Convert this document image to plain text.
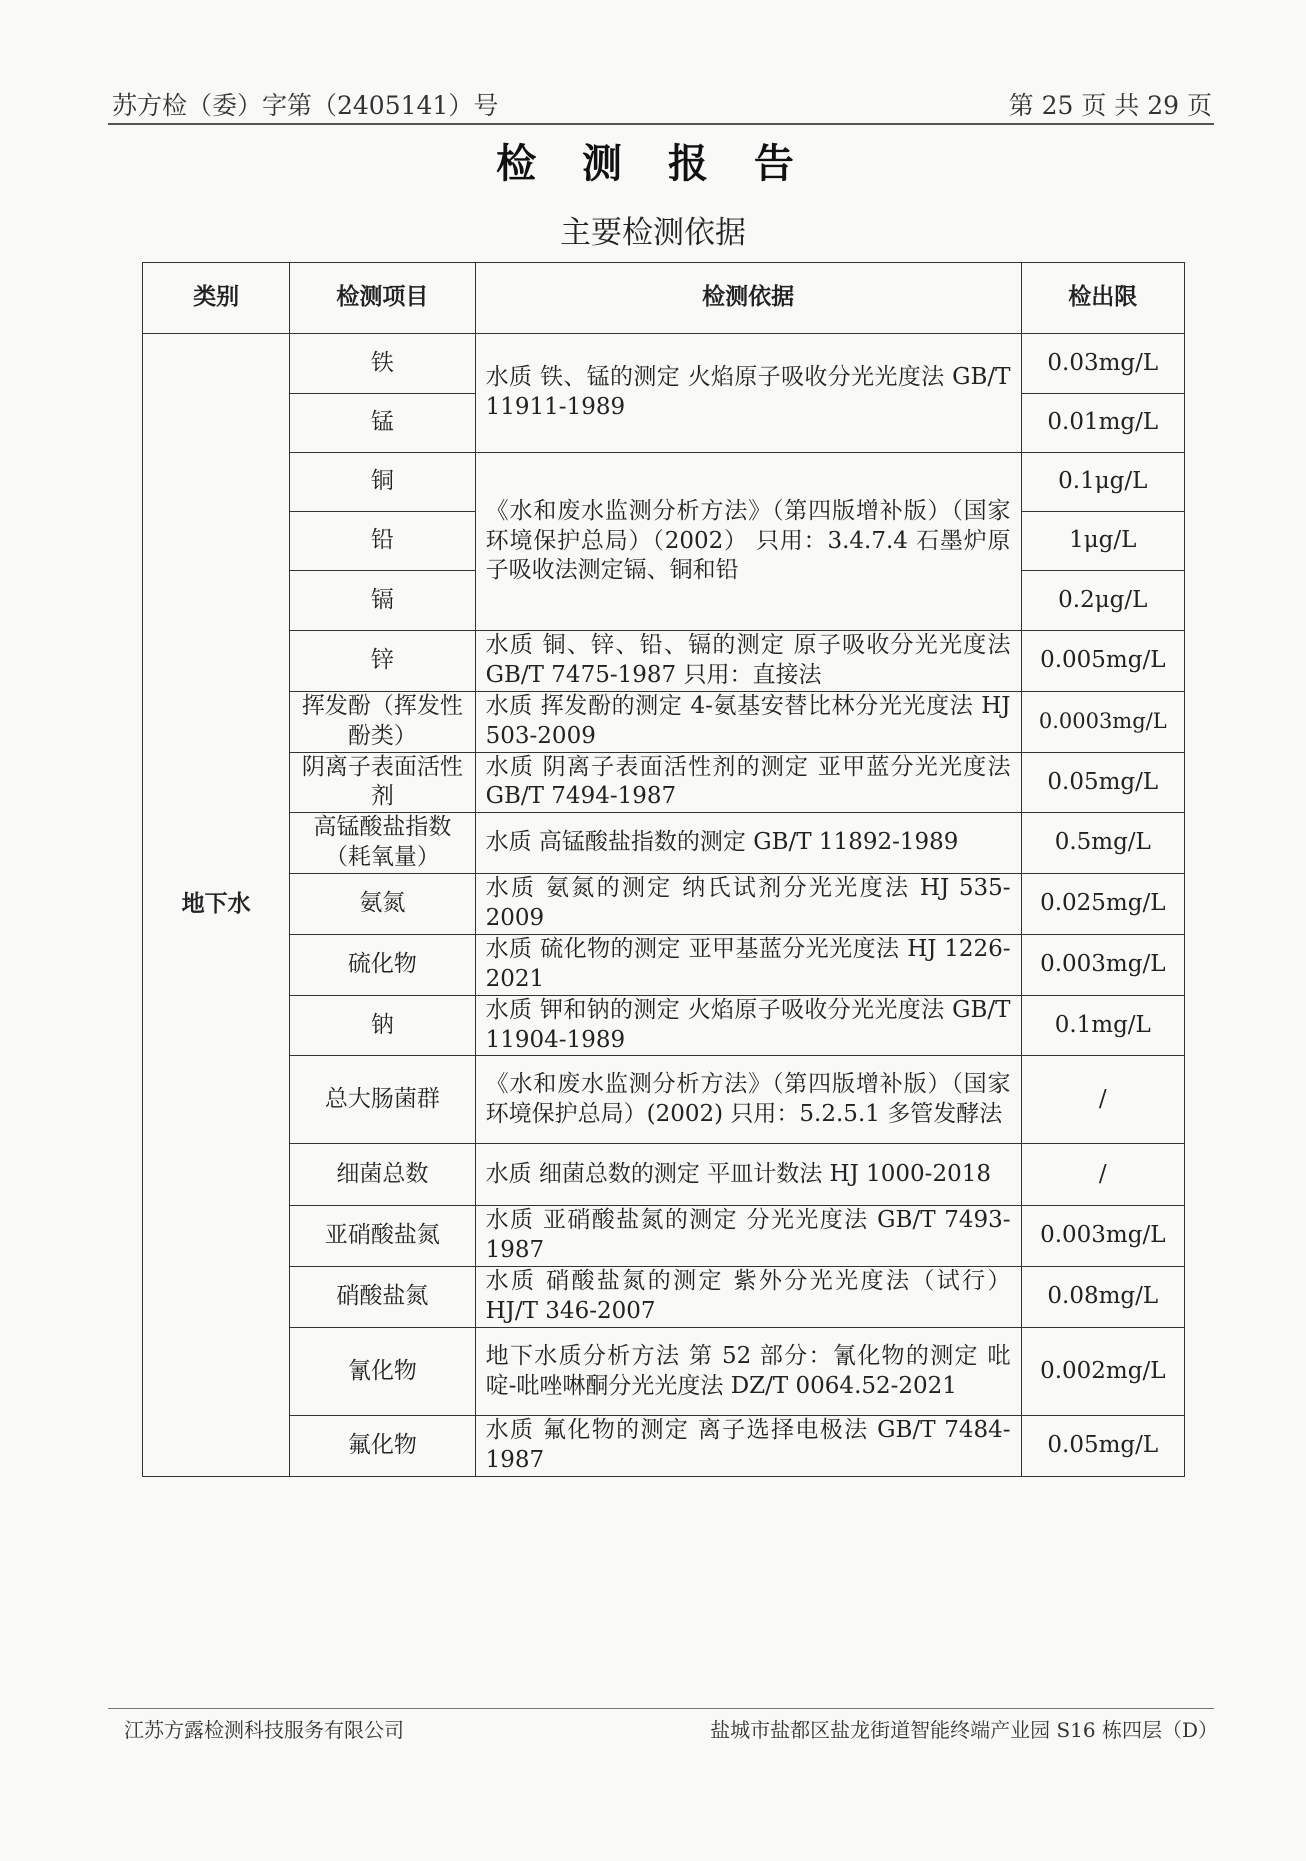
苏方检（委）字第（2405141）号	第 25 页 共 29 页
检 测 报 告
主要检测依据
类别	检测项目	检测依据	检出限
地下水	铁	水质 铁、锰的测定 火焰原子吸收分光光度法 GB/T 11911-1989	0.03mg/L
	锰		0.01mg/L
	铜	《水和废水监测分析方法》（第四版增补版）（国家环境保护总局）（2002） 只用：3.4.7.4 石墨炉原子吸收法测定镉、铜和铅	0.1μg/L
	铅		1μg/L
	镉		0.2μg/L
	锌	水质 铜、锌、铅、镉的测定 原子吸收分光光度法 GB/T 7475-1987 只用：直接法	0.005mg/L
	挥发酚（挥发性酚类）	水质 挥发酚的测定 4-氨基安替比林分光光度法 HJ 503-2009	0.0003mg/L
	阴离子表面活性剂	水质 阴离子表面活性剂的测定 亚甲蓝分光光度法 GB/T 7494-1987	0.05mg/L
	高锰酸盐指数（耗氧量）	水质 高锰酸盐指数的测定 GB/T 11892-1989	0.5mg/L
	氨氮	水质 氨氮的测定 纳氏试剂分光光度法 HJ 535-2009	0.025mg/L
	硫化物	水质 硫化物的测定 亚甲基蓝分光光度法 HJ 1226-2021	0.003mg/L
	钠	水质 钾和钠的测定 火焰原子吸收分光光度法 GB/T 11904-1989	0.1mg/L
	总大肠菌群	《水和废水监测分析方法》（第四版增补版）（国家环境保护总局）(2002) 只用：5.2.5.1 多管发酵法	/
	细菌总数	水质 细菌总数的测定 平皿计数法 HJ 1000-2018	/
	亚硝酸盐氮	水质 亚硝酸盐氮的测定 分光光度法 GB/T 7493-1987	0.003mg/L
	硝酸盐氮	水质 硝酸盐氮的测定 紫外分光光度法（试行） HJ/T 346-2007	0.08mg/L
	氰化物	地下水质分析方法 第 52 部分：氰化物的测定 吡啶-吡唑啉酮分光光度法 DZ/T 0064.52-2021	0.002mg/L
	氟化物	水质 氟化物的测定 离子选择电极法 GB/T 7484-1987	0.05mg/L
江苏方露检测科技服务有限公司	盐城市盐都区盐龙街道智能终端产业园 S16 栋四层（D）
